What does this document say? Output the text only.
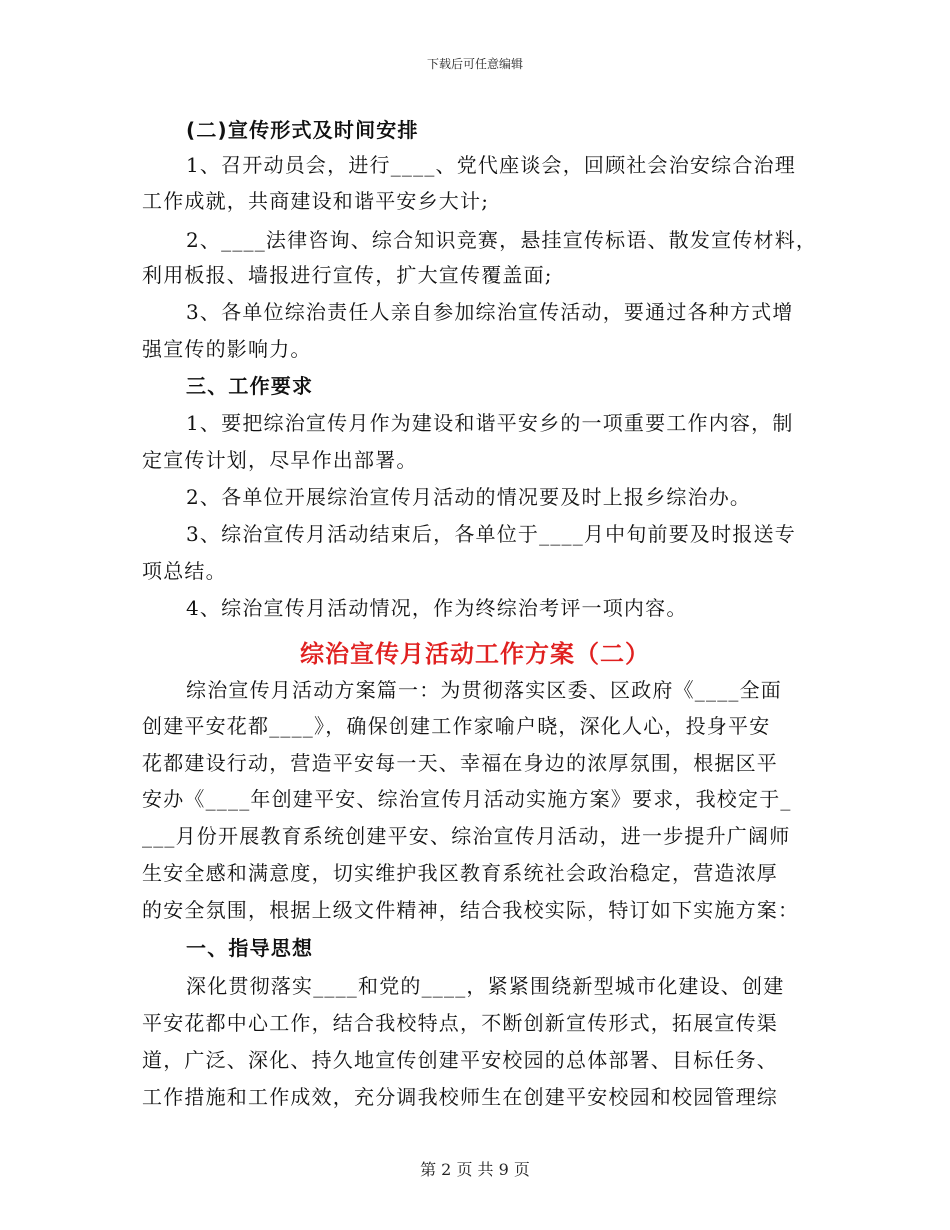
下载后可任意编辑
(二)宣传形式及时间安排
1、召开动员会，进行____、党代座谈会，回顾社会治安综合治理
工作成就，共商建设和谐平安乡大计;
2、____法律咨询、综合知识竞赛，悬挂宣传标语、散发宣传材料，
利用板报、墙报进行宣传，扩大宣传覆盖面;
3、各单位综治责任人亲自参加综治宣传活动，要通过各种方式增
强宣传的影响力。
三、工作要求
1、要把综治宣传月作为建设和谐平安乡的一项重要工作内容，制
定宣传计划，尽早作出部署。
2、各单位开展综治宣传月活动的情况要及时上报乡综治办。
3、综治宣传月活动结束后，各单位于____月中旬前要及时报送专
项总结。
4、综治宣传月活动情况，作为终综治考评一项内容。
综治宣传月活动工作方案（二）
综治宣传月活动方案篇一：为贯彻落实区委、区政府《____全面
创建平安花都____》，确保创建工作家喻户晓，深化人心，投身平安
花都建设行动，营造平安每一天、幸福在身边的浓厚氛围，根据区平
安办《____年创建平安、综治宣传月活动实施方案》要求，我校定于_
___月份开展教育系统创建平安、综治宣传月活动，进一步提升广阔师
生安全感和满意度，切实维护我区教育系统社会政治稳定，营造浓厚
的安全氛围，根据上级文件精神，结合我校实际，特订如下实施方案：
一、指导思想
深化贯彻落实____和党的____，紧紧围绕新型城市化建设、创建
平安花都中心工作，结合我校特点，不断创新宣传形式，拓展宣传渠
道，广泛、深化、持久地宣传创建平安校园的总体部署、目标任务、
工作措施和工作成效，充分调我校师生在创建平安校园和校园管理综
第 2 页 共 9 页
